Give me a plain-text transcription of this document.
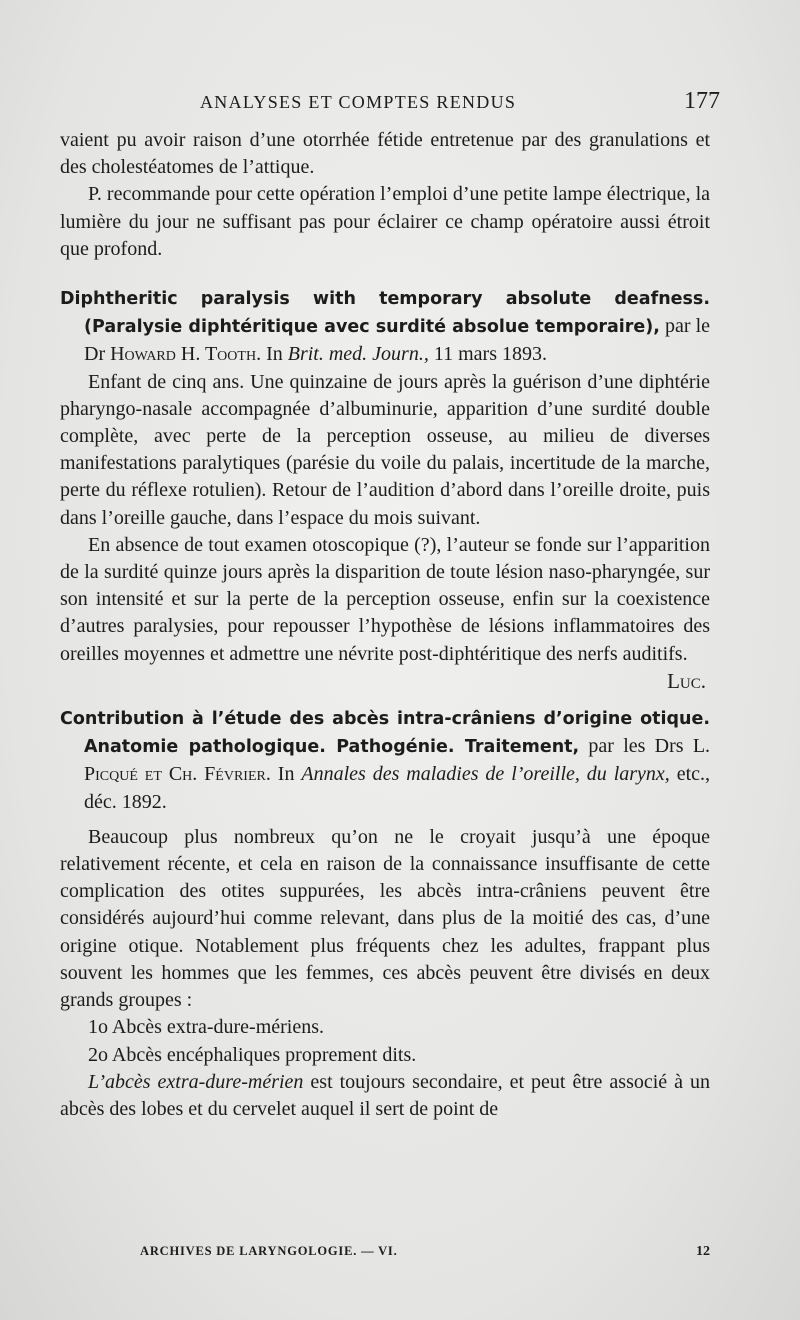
ANALYSES ET COMPTES RENDUS	177

vaient pu avoir raison d’une otorrhée fétide entretenue par des granulations et des cholestéatomes de l’attique.

P. recommande pour cette opération l’emploi d’une petite lampe électrique, la lumière du jour ne suffisant pas pour éclairer ce champ opératoire aussi étroit que profond.

Diphtheritic paralysis with temporary absolute deafness. (Paralysie diphtéritique avec surdité absolue temporaire), par le Dr Howard H. Tooth. In Brit. med. Journ., 11 mars 1893.

Enfant de cinq ans. Une quinzaine de jours après la guérison d’une diphtérie pharyngo-nasale accompagnée d’albuminurie, apparition d’une surdité double complète, avec perte de la perception osseuse, au milieu de diverses manifestations paralytiques (parésie du voile du palais, incertitude de la marche, perte du réflexe rotulien). Retour de l’audition d’abord dans l’oreille droite, puis dans l’oreille gauche, dans l’espace du mois suivant.

En absence de tout examen otoscopique (?), l’auteur se fonde sur l’apparition de la surdité quinze jours après la disparition de toute lésion naso-pharyngée, sur son intensité et sur la perte de la perception osseuse, enfin sur la coexistence d’autres paralysies, pour repousser l’hypothèse de lésions inflammatoires des oreilles moyennes et admettre une névrite post-diphtéritique des nerfs auditifs.

Luc.

Contribution à l’étude des abcès intra-crâniens d’origine otique. Anatomie pathologique. Pathogénie. Traitement, par les Drs L. Picqué et Ch. Février. In Annales des maladies de l’oreille, du larynx, etc., déc. 1892.

Beaucoup plus nombreux qu’on ne le croyait jusqu’à une époque relativement récente, et cela en raison de la connaissance insuffisante de cette complication des otites suppurées, les abcès intra-crâniens peuvent être considérés aujourd’hui comme relevant, dans plus de la moitié des cas, d’une origine otique. Notablement plus fréquents chez les adultes, frappant plus souvent les hommes que les femmes, ces abcès peuvent être divisés en deux grands groupes :

1o Abcès extra-dure-mériens.

2o Abcès encéphaliques proprement dits.

L’abcès extra-dure-mérien est toujours secondaire, et peut être associé à un abcès des lobes et du cervelet auquel il sert de point de

ARCHIVES DE LARYNGOLOGIE. — VI.	12
